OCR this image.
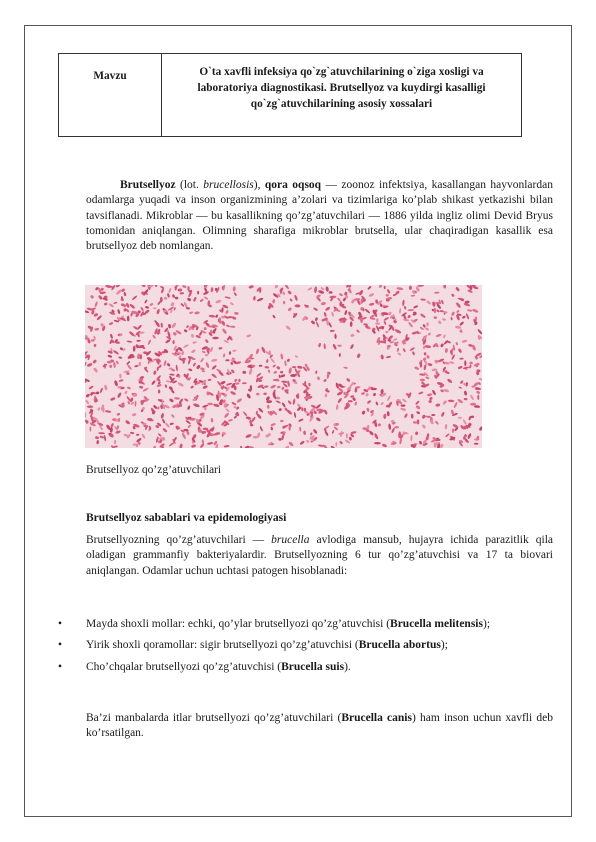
Mavzu	O`ta xavfli infeksiya qo`zg`atuvchilarining o`ziga xosligi va laboratoriya diagnostikasi. Brutsellyoz va kuydirgi kasalligi qo`zg`atuvchilarining asosiy xossalari

Brutsellyoz (lot. brucellosis), qora oqsoq — zoonoz infektsiya, kasallangan hayvonlardan odamlarga yuqadi va inson organizmining a’zolari va tizimlariga ko’plab shikast yetkazishi bilan tavsiflanadi. Mikroblar — bu kasallikning qo’zg’atuvchilari — 1886 yilda ingliz olimi Devid Bryus tomonidan aniqlangan. Olimning sharafiga mikroblar brutsella, ular chaqiradigan kasallik esa brutsellyoz deb nomlangan.

Brutsellyoz qo’zg’atuvchilari

Brutsellyoz sabablari va epidemologiyasi

Brutsellyozning qo’zg’atuvchilari — brucella avlodiga mansub, hujayra ichida parazitlik qila oladigan grammanfiy bakteriyalardir. Brutsellyozning 6 tur qo’zg’atuvchisi va 17 ta biovari aniqlangan. Odamlar uchun uchtasi patogen hisoblanadi:

• Mayda shoxli mollar: echki, qo’ylar brutsellyozi qo’zg’atuvchisi (Brucella melitensis);
• Yirik shoxli qoramollar: sigir brutsellyozi qo’zg’atuvchisi (Brucella abortus);
• Cho’chqalar brutsellyozi qo’zg’atuvchisi (Brucella suis).

Ba’zi manbalarda itlar brutsellyozi qo’zg’atuvchilari (Brucella canis) ham inson uchun xavfli deb ko’rsatilgan.
